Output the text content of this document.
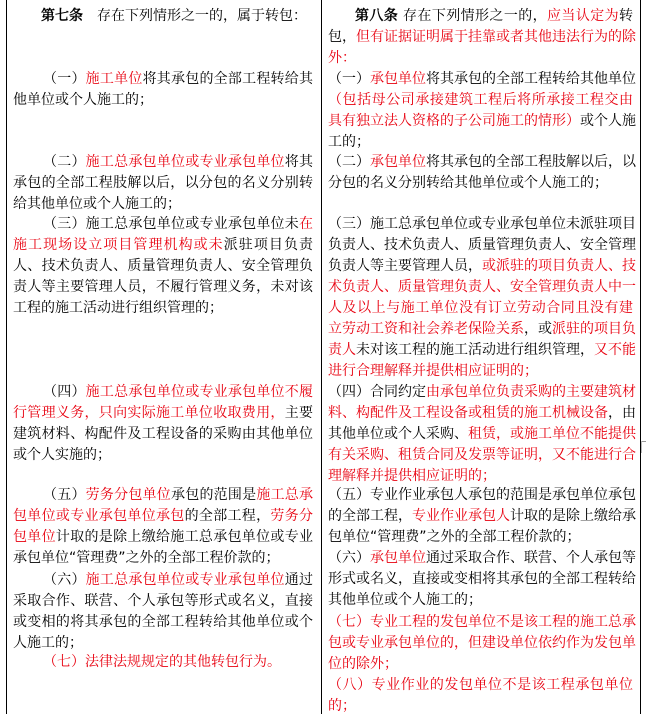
第七条　存在下列情形之一的，属于转包：
（一）施工单位将其承包的全部工程转给其
他单位或个人施工的；
（二）施工总承包单位或专业承包单位将其
承包的全部工程肢解以后，以分包的名义分别转
给其他单位或个人施工的；
（三）施工总承包单位或专业承包单位未在
施工现场设立项目管理机构或未派驻项目负责
人、技术负责人、质量管理负责人、安全管理负
责人等主要管理人员，不履行管理义务，未对该
工程的施工活动进行组织管理的；
（四）施工总承包单位或专业承包单位不履
行管理义务，只向实际施工单位收取费用，主要
建筑材料、构配件及工程设备的采购由其他单位
或个人实施的；
（五）劳务分包单位承包的范围是施工总承
包单位或专业承包单位承包的全部工程，劳务分
包单位计取的是除上缴给施工总承包单位或专业
承包单位“管理费”之外的全部工程价款的；
（六）施工总承包单位或专业承包单位通过
采取合作、联营、个人承包等形式或名义，直接
或变相的将其承包的全部工程转给其他单位或个
人施工的；
（七）法律法规规定的其他转包行为。
第八条 存在下列情形之一的，应当认定为转
包，但有证据证明属于挂靠或者其他违法行为的除
外：
（一）承包单位将其承包的全部工程转给其他单位
（包括母公司承接建筑工程后将所承接工程交由
具有独立法人资格的子公司施工的情形）或个人施
工的；
（二）承包单位将其承包的全部工程肢解以后，以
分包的名义分别转给其他单位或个人施工的；
（三）施工总承包单位或专业承包单位未派驻项目
负责人、技术负责人、质量管理负责人、安全管理
负责人等主要管理人员，或派驻的项目负责人、技
术负责人、质量管理负责人、安全管理负责人中一
人及以上与施工单位没有订立劳动合同且没有建
立劳动工资和社会养老保险关系，或派驻的项目负
责人未对该工程的施工活动进行组织管理，又不能
进行合理解释并提供相应证明的；
（四）合同约定由承包单位负责采购的主要建筑材
料、构配件及工程设备或租赁的施工机械设备，由
其他单位或个人采购、租赁，或施工单位不能提供
有关采购、租赁合同及发票等证明，又不能进行合
理解释并提供相应证明的；
（五）专业作业承包人承包的范围是承包单位承包
的全部工程，专业作业承包人计取的是除上缴给承
包单位“管理费”之外的全部工程价款的；
（六）承包单位通过采取合作、联营、个人承包等
形式或名义，直接或变相将其承包的全部工程转给
其他单位或个人施工的；
（七）专业工程的发包单位不是该工程的施工总承
包或专业承包单位的，但建设单位依约作为发包单
位的除外；
（八）专业作业的发包单位不是该工程承包单位
的；
